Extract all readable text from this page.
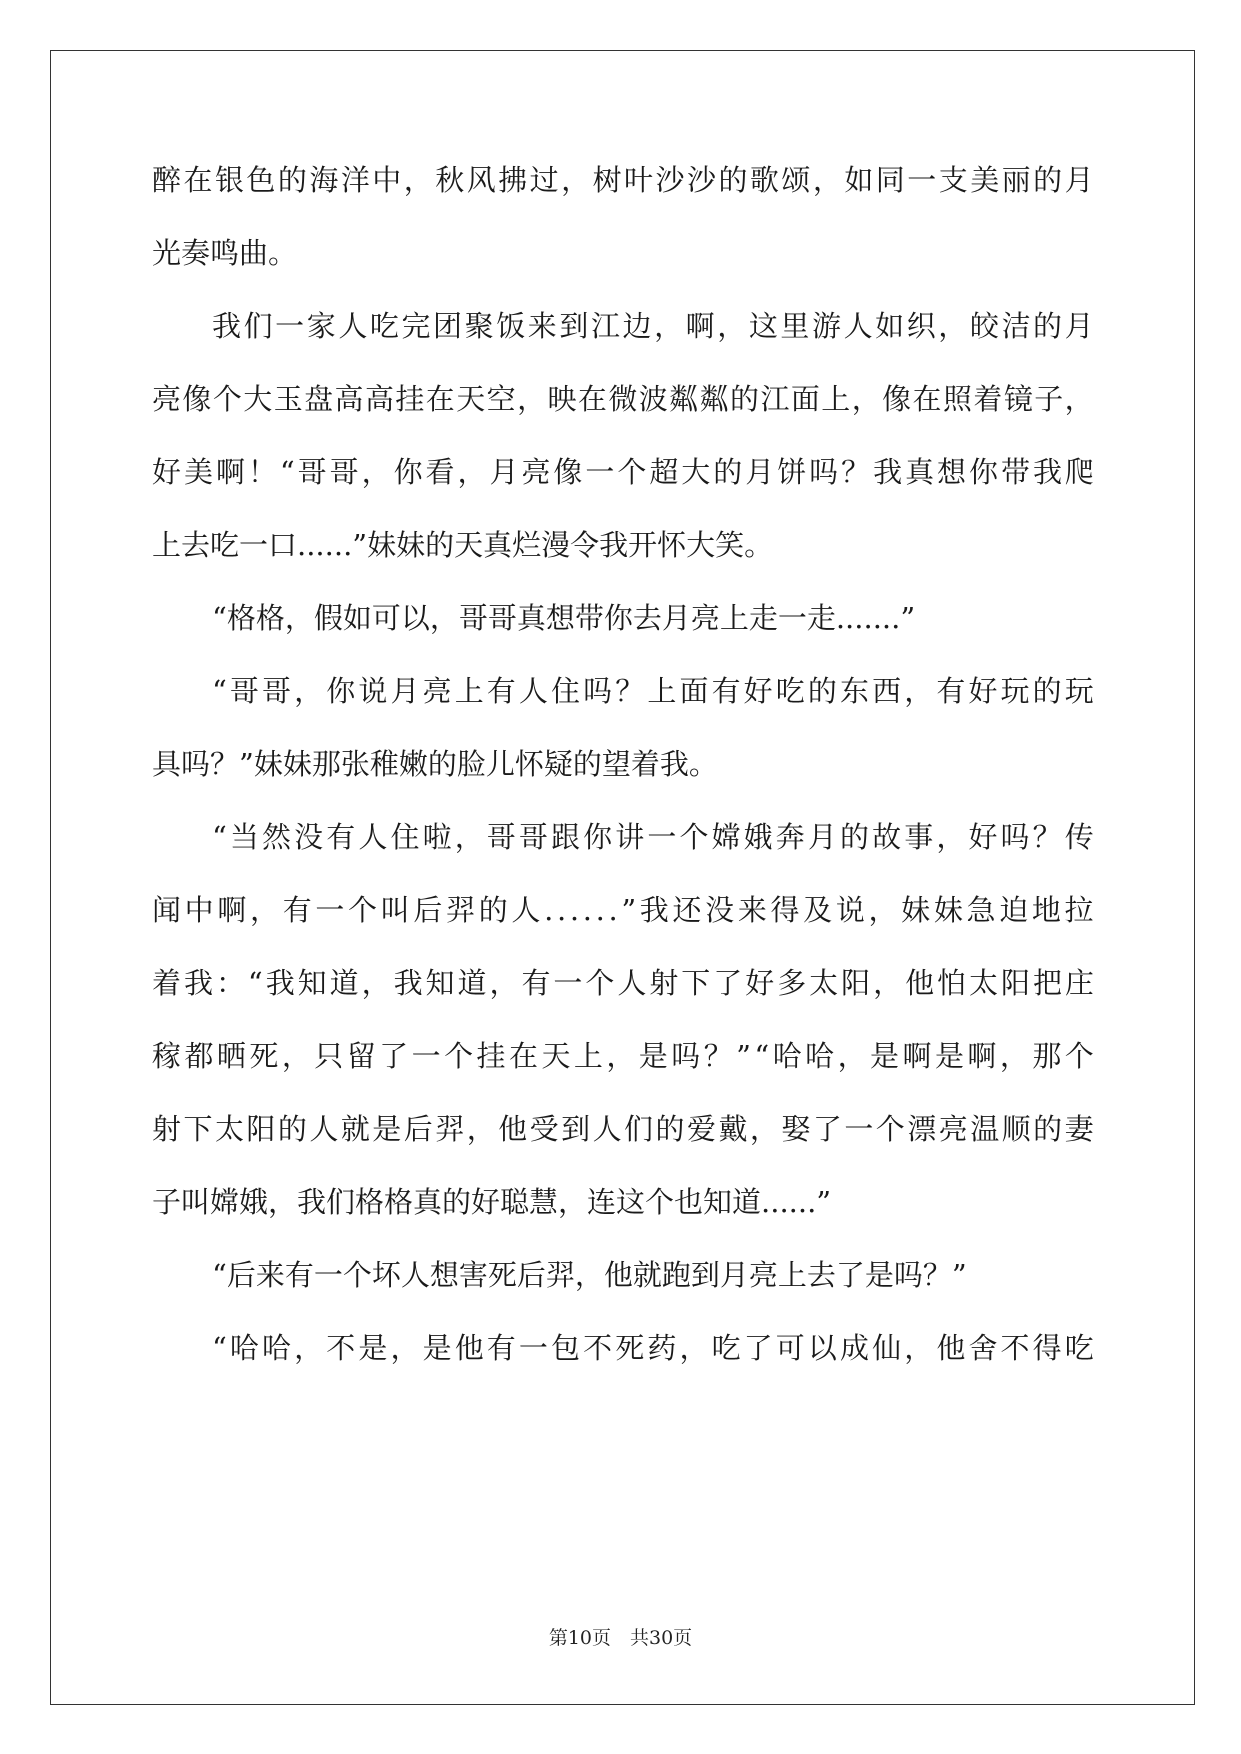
醉 在 银 色 的 海 洋 中 ， 秋 风 拂 过 ， 树 叶 沙 沙 的 歌 颂 ， 如 同 一 支 美 丽 的 月
光奏鸣曲。
我 们 一 家 人 吃 完 团 聚 饭 来 到 江 边 ， 啊 ， 这 里 游 人 如 织 ， 皎 洁 的 月
亮 像 个 大 玉 盘 高 高 挂 在 天 空 ， 映 在 微 波 粼 粼 的 江 面 上 ， 像 在 照 着 镜 子 ，
好 美 啊 ！ “ 哥 哥 ， 你 看 ， 月 亮 像 一 个 超 大 的 月 饼 吗 ？ 我 真 想 你 带 我 爬
上去吃一口......”妹妹的天真烂漫令我开怀大笑。
“格格，假如可以，哥哥真想带你去月亮上走一走.......”
“ 哥 哥 ， 你 说 月 亮 上 有 人 住 吗 ？ 上 面 有 好 吃 的 东 西 ， 有 好 玩 的 玩
具吗？”妹妹那张稚嫩的脸儿怀疑的望着我。
“ 当 然 没 有 人 住 啦 ， 哥 哥 跟 你 讲 一 个 嫦 娥 奔 月 的 故 事 ， 好 吗 ？ 传
闻 中 啊 ， 有 一 个 叫 后 羿 的 人 . . . . . . ” 我 还 没 来 得 及 说 ， 妹 妹 急 迫 地 拉
着 我 ： “ 我 知 道 ， 我 知 道 ， 有 一 个 人 射 下 了 好 多 太 阳 ， 他 怕 太 阳 把 庄
稼 都 晒 死 ， 只 留 了 一 个 挂 在 天 上 ， 是 吗 ？ ” “ 哈 哈 ， 是 啊 是 啊 ， 那 个
射 下 太 阳 的 人 就 是 后 羿 ， 他 受 到 人 们 的 爱 戴 ， 娶 了 一 个 漂 亮 温 顺 的 妻
子叫嫦娥，我们格格真的好聪慧，连这个也知道......”
“后来有一个坏人想害死后羿，他就跑到月亮上去了是吗？”
“ 哈 哈 ， 不 是 ， 是 他 有 一 包 不 死 药 ， 吃 了 可 以 成 仙 ， 他 舍 不 得 吃
第10页　共30页
